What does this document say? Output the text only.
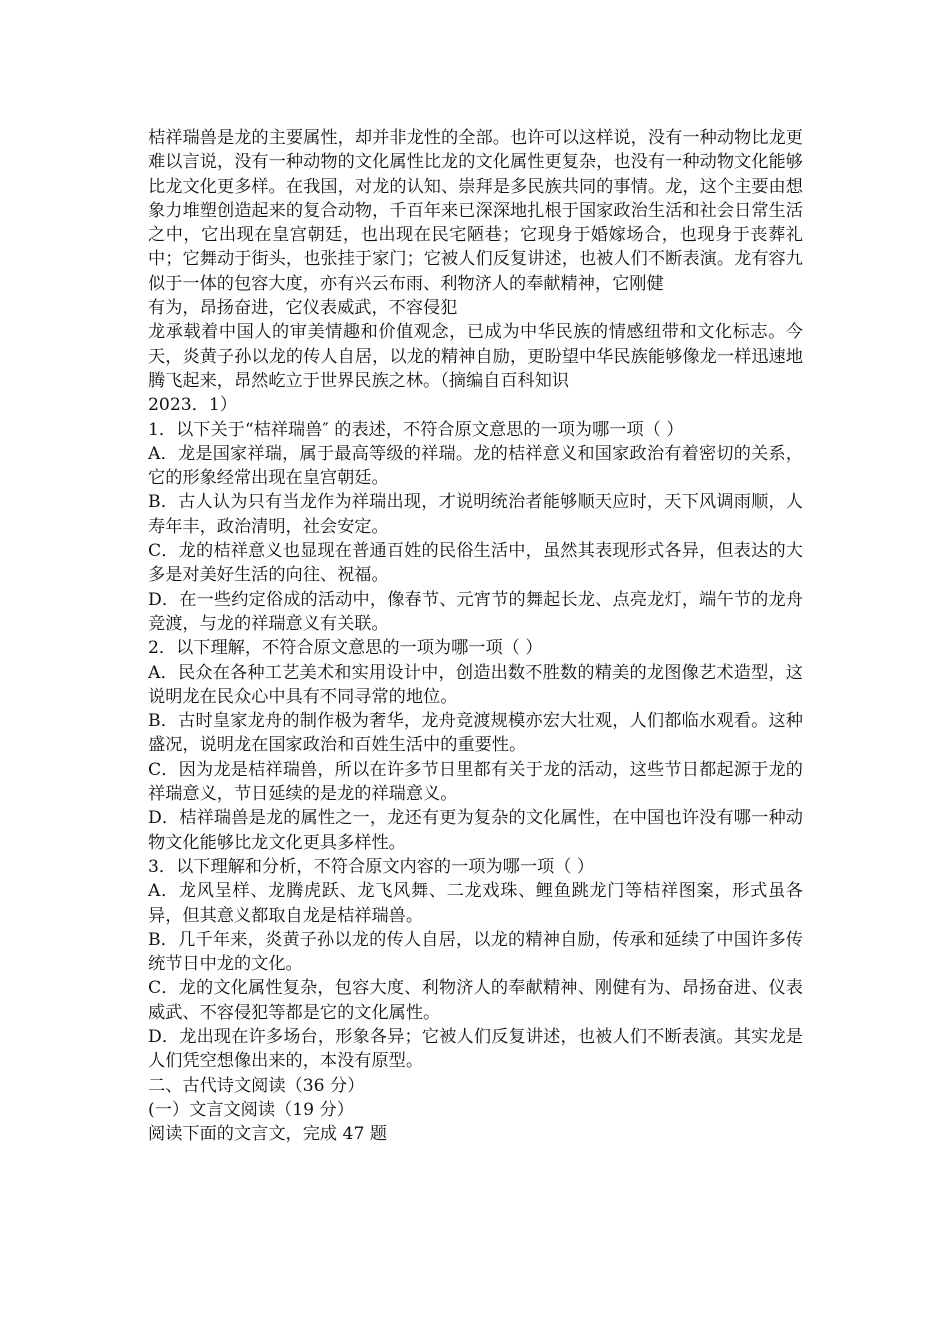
桔祥瑞兽是龙的主要属性，却并非龙性的全部。也许可以这样说，没有一种动物比龙更难以言说，没有一种动物的文化属性比龙的文化属性更复杂，也没有一种动物文化能够比龙文化更多样。在我国，对龙的认知、崇拜是多民族共同的事情。龙，这个主要由想象力堆塑创造起来的复合动物，千百年来已深深地扎根于国家政治生活和社会日常生活之中，它出现在皇宫朝廷，也出现在民宅陋巷；它现身于婚嫁场合，也现身于丧葬礼中；它舞动于街头，也张挂于家门；它被人们反复讲述，也被人们不断表演。龙有容九似于一体的包容大度，亦有兴云布雨、利物济人的奉献精神，它刚健

有为，昂扬奋进，它仪表威武，不容侵犯

龙承载着中国人的审美情趣和价值观念，已成为中华民族的情感纽带和文化标志。今天，炎黄子孙以龙的传人自居，以龙的精神自励，更盼望中华民族能够像龙一样迅速地腾飞起来，昂然屹立于世界民族之林。（摘编自百科知识

2023．1）

1．以下关于“桔祥瑞兽″ 的表述，不符合原文意思的一项为哪一项（ ）

A．龙是国家祥瑞，属于最高等级的祥瑞。龙的桔祥意义和国家政治有着密切的关系，它的形象经常出现在皇宫朝廷。

B．古人认为只有当龙作为祥瑞出现，才说明统治者能够顺天应时，天下风调雨顺，人寿年丰，政治清明，社会安定。

C．龙的桔祥意义也显现在普通百姓的民俗生活中，虽然其表现形式各异，但表达的大多是对美好生活的向往、祝福。

D．在一些约定俗成的活动中，像春节、元宵节的舞起长龙、点亮龙灯，端午节的龙舟竞渡，与龙的祥瑞意义有关联。

2．以下理解，不符合原文意思的一项为哪一项（ ）

A．民众在各种工艺美术和实用设计中，创造出数不胜数的精美的龙图像艺术造型，这说明龙在民众心中具有不同寻常的地位。

B．古时皇家龙舟的制作极为奢华，龙舟竞渡规模亦宏大壮观，人们都临水观看。这种盛况，说明龙在国家政治和百姓生活中的重要性。

C．因为龙是桔祥瑞兽，所以在许多节日里都有关于龙的活动，这些节日都起源于龙的祥瑞意义，节日延续的是龙的祥瑞意义。

D．桔祥瑞兽是龙的属性之一，龙还有更为复杂的文化属性，在中国也许没有哪一种动物文化能够比龙文化更具多样性。

3．以下理解和分析，不符合原文内容的一项为哪一项（ ）

A．龙风呈样、龙腾虎跃、龙飞风舞、二龙戏珠、鲤鱼跳龙门等桔祥图案，形式虽各异，但其意义都取自龙是桔祥瑞兽。

B．几千年来，炎黄子孙以龙的传人自居，以龙的精神自励，传承和延续了中国许多传统节日中龙的文化。

C．龙的文化属性复杂，包容大度、利物济人的奉献精神、刚健有为、昂扬奋进、仪表威武、不容侵犯等都是它的文化属性。

D．龙出现在许多场台，形象各异；它被人们反复讲述，也被人们不断表演。其实龙是人们凭空想像出来的，本没有原型。

二、古代诗文阅读（36 分）

(一）文言文阅读（19 分）

阅读下面的文言文，完成 47 题
